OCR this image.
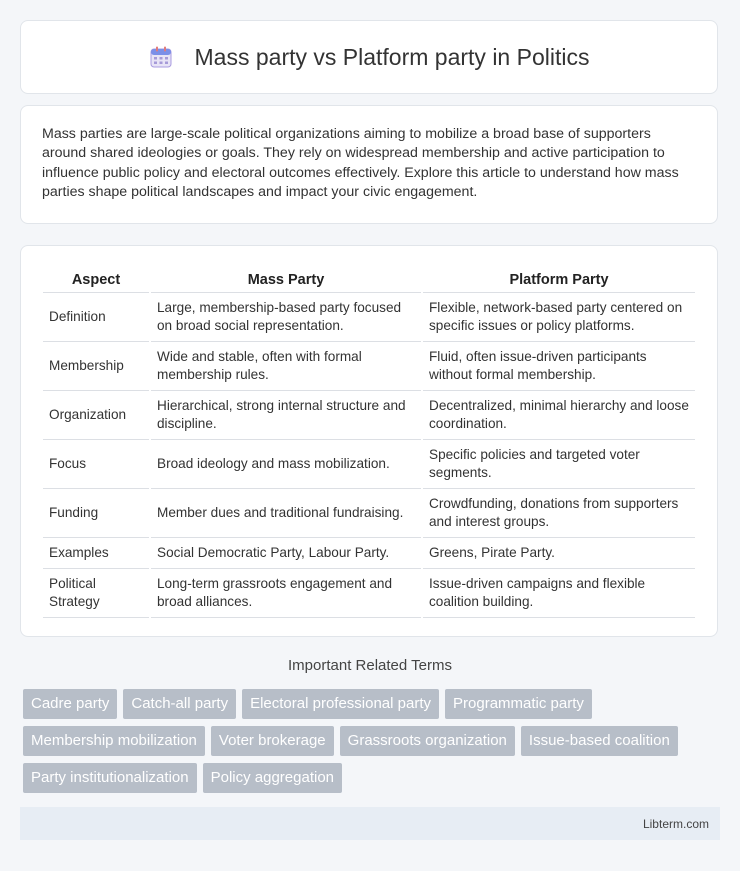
Mass party vs Platform party in Politics

Mass parties are large-scale political organizations aiming to mobilize a broad base of supporters around shared ideologies or goals. They rely on widespread membership and active participation to influence public policy and electoral outcomes effectively. Explore this article to understand how mass parties shape political landscapes and impact your civic engagement.

Aspect	Mass Party	Platform Party
Definition	Large, membership-based party focused on broad social representation.	Flexible, network-based party centered on specific issues or policy platforms.
Membership	Wide and stable, often with formal membership rules.	Fluid, often issue-driven participants without formal membership.
Organization	Hierarchical, strong internal structure and discipline.	Decentralized, minimal hierarchy and loose coordination.
Focus	Broad ideology and mass mobilization.	Specific policies and targeted voter segments.
Funding	Member dues and traditional fundraising.	Crowdfunding, donations from supporters and interest groups.
Examples	Social Democratic Party, Labour Party.	Greens, Pirate Party.
Political Strategy	Long-term grassroots engagement and broad alliances.	Issue-driven campaigns and flexible coalition building.
Important Related Terms
Cadre party	Catch-all party	Electoral professional party	Programmatic party
Membership mobilization	Voter brokerage	Grassroots organization	Issue-based coalition
Party institutionalization	Policy aggregation
Libterm.com
